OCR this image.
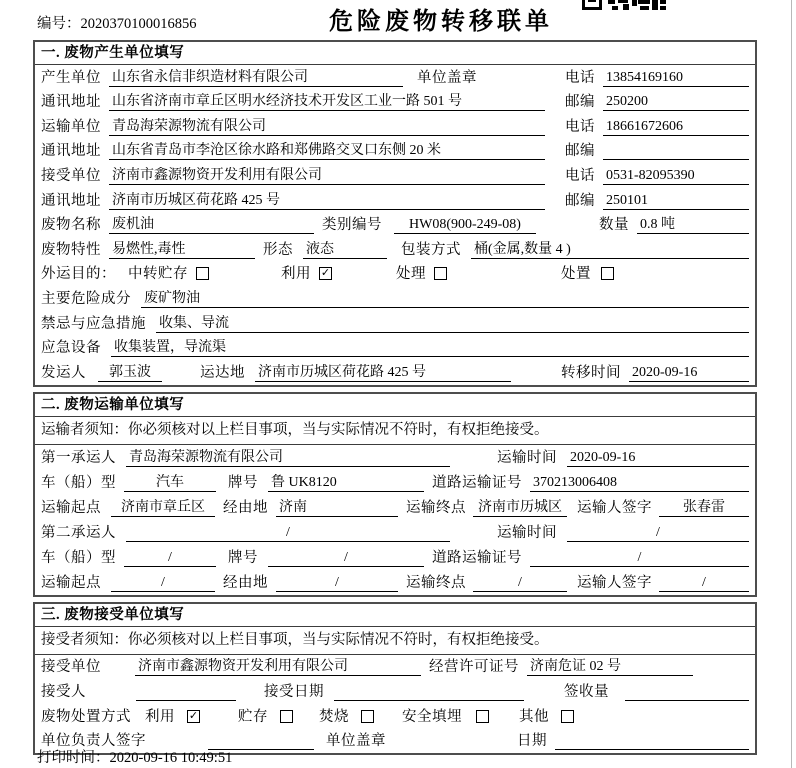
编号：2020370100016856	危险废物转移联单
一. 废物产生单位填写
产生单位 山东省永信非织造材料有限公司	单位盖章	电话 13854169160
通讯地址 山东省济南市章丘区明水经济技术开发区工业一路 501 号	邮编 250200
运输单位 青岛海荣源物流有限公司	电话 18661672606
通讯地址 山东省青岛市李沧区徐水路和郑佛路交叉口东侧 20 米	邮编
接受单位 济南市鑫源物资开发利用有限公司	电话 0531-82095390
通讯地址 济南市历城区荷花路 425 号	邮编 250101
废物名称 废机油	类别编号	HW08(900-249-08)	数量 0.8 吨
废物特性 易燃性,毒性	形态 液态	包装方式 桶(金属,数量 4 )
外运目的： 中转贮存	利用 ✓	处理	处置
主要危险成分 废矿物油
禁忌与应急措施 收集、导流
应急设备 收集装置，导流渠
发运人	郭玉波	运达地 济南市历城区荷花路 425 号	转移时间 2020-09-16
二. 废物运输单位填写
运输者须知：你必须核对以上栏目事项，当与实际情况不符时，有权拒绝接受。
第一承运人 青岛海荣源物流有限公司	运输时间 2020-09-16
车（船）型	汽车	牌号 鲁 UK8120	道路运输证号 370213006408
运输起点	济南市章丘区	经由地 济南	运输终点 济南市历城区	运输人签字	张春雷
第二承运人	/	运输时间	/
车（船）型	/	牌号	/	道路运输证号	/
运输起点	/	经由地	/	运输终点	/	运输人签字	/
三. 废物接受单位填写
接受者须知：你必须核对以上栏目事项，当与实际情况不符时，有权拒绝接受。
接受单位	济南市鑫源物资开发利用有限公司	经营许可证号 济南危证 02 号
接受人	接受日期	签收量
废物处置方式 利用 ✓	贮存	焚烧	安全填埋	其他
单位负责人签字	单位盖章	日期
打印时间：2020-09-16 10:49:51
